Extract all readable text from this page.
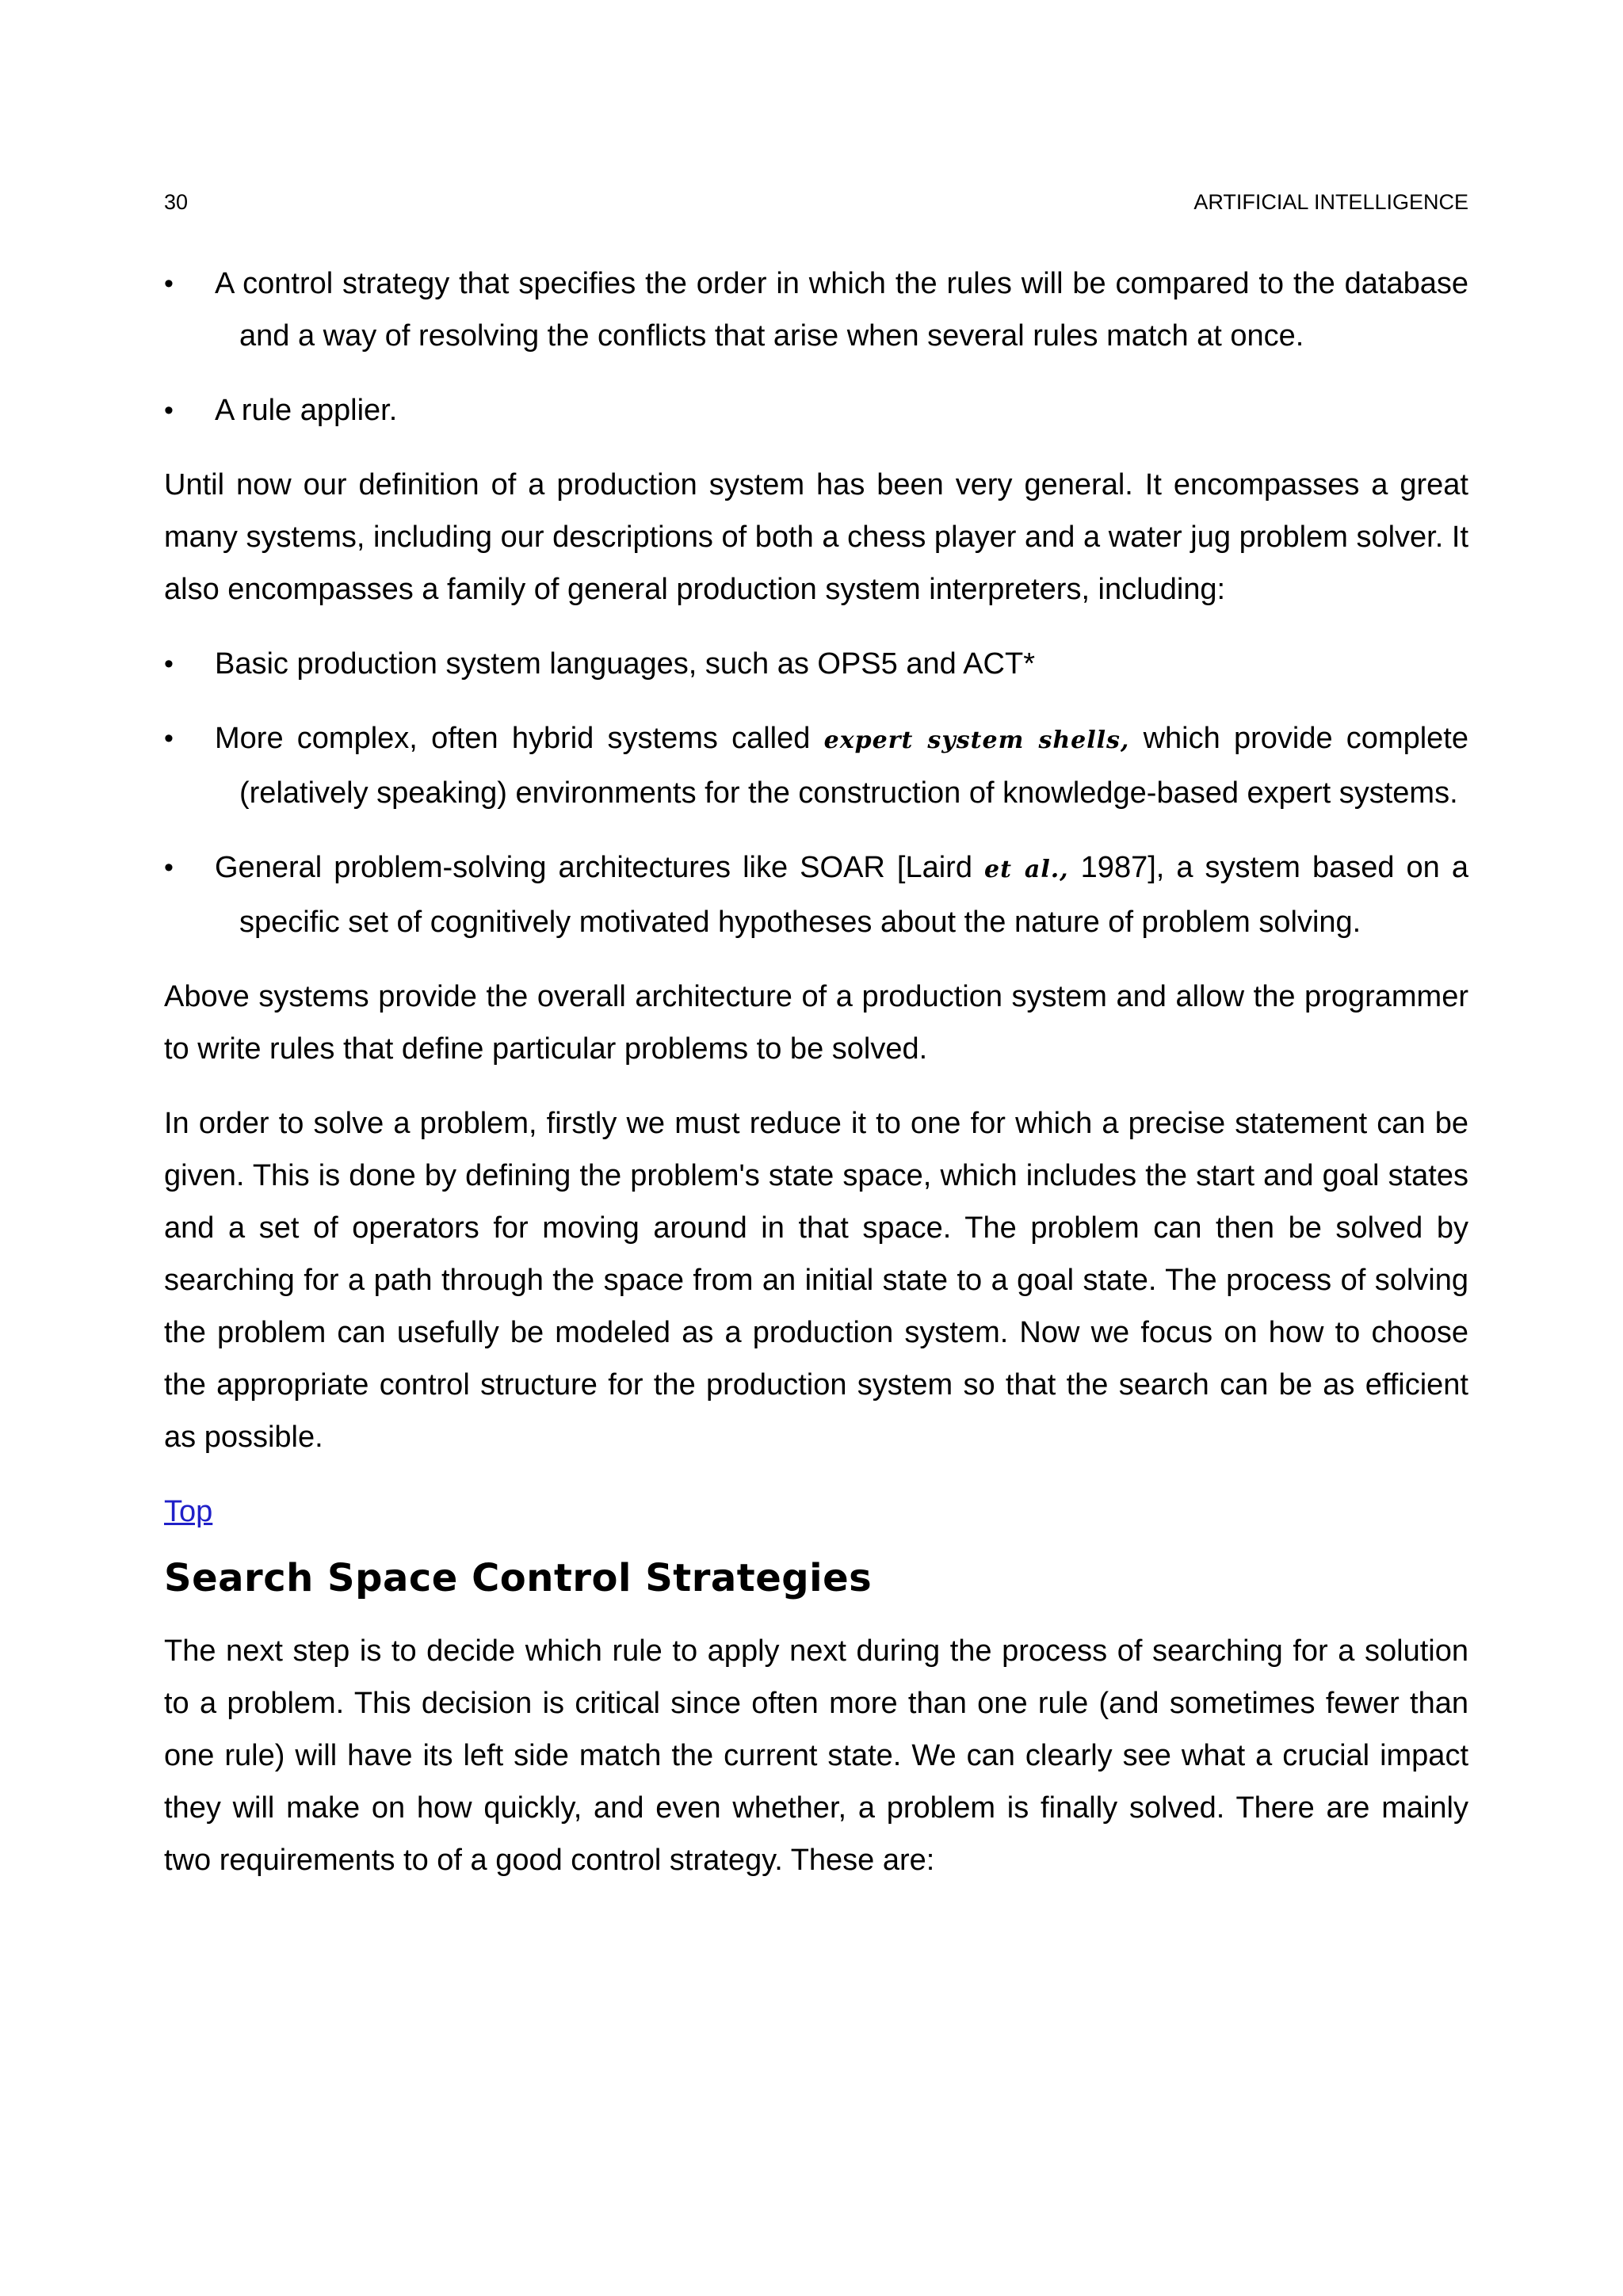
30	ARTIFICIAL INTELLIGENCE
• A control strategy that specifies the order in which the rules will be compared to the database and a way of resolving the conflicts that arise when several rules match at once.
• A rule applier.

Until now our definition of a production system has been very general. It encompasses a great many systems, including our descriptions of both a chess player and a water jug problem solver. It also encompasses a family of general production system interpreters, including:

• Basic production system languages, such as OPS5 and ACT*
• More complex, often hybrid systems called expert system shells, which provide complete (relatively speaking) environments for the construction of knowledge-based expert systems.
• General problem-solving architectures like SOAR [Laird et al., 1987], a system based on a specific set of cognitively motivated hypotheses about the nature of problem solving.

Above systems provide the overall architecture of a production system and allow the programmer to write rules that define particular problems to be solved.

In order to solve a problem, firstly we must reduce it to one for which a precise statement can be given. This is done by defining the problem's state space, which includes the start and goal states and a set of operators for moving around in that space. The problem can then be solved by searching for a path through the space from an initial state to a goal state. The process of solving the problem can usefully be modeled as a production system. Now we focus on how to choose the appropriate control structure for the production system so that the search can be as efficient as possible.

Top
Search Space Control Strategies

The next step is to decide which rule to apply next during the process of searching for a solution to a problem. This decision is critical since often more than one rule (and sometimes fewer than one rule) will have its left side match the current state. We can clearly see what a crucial impact they will make on how quickly, and even whether, a problem is finally solved. There are mainly two requirements to of a good control strategy. These are:
